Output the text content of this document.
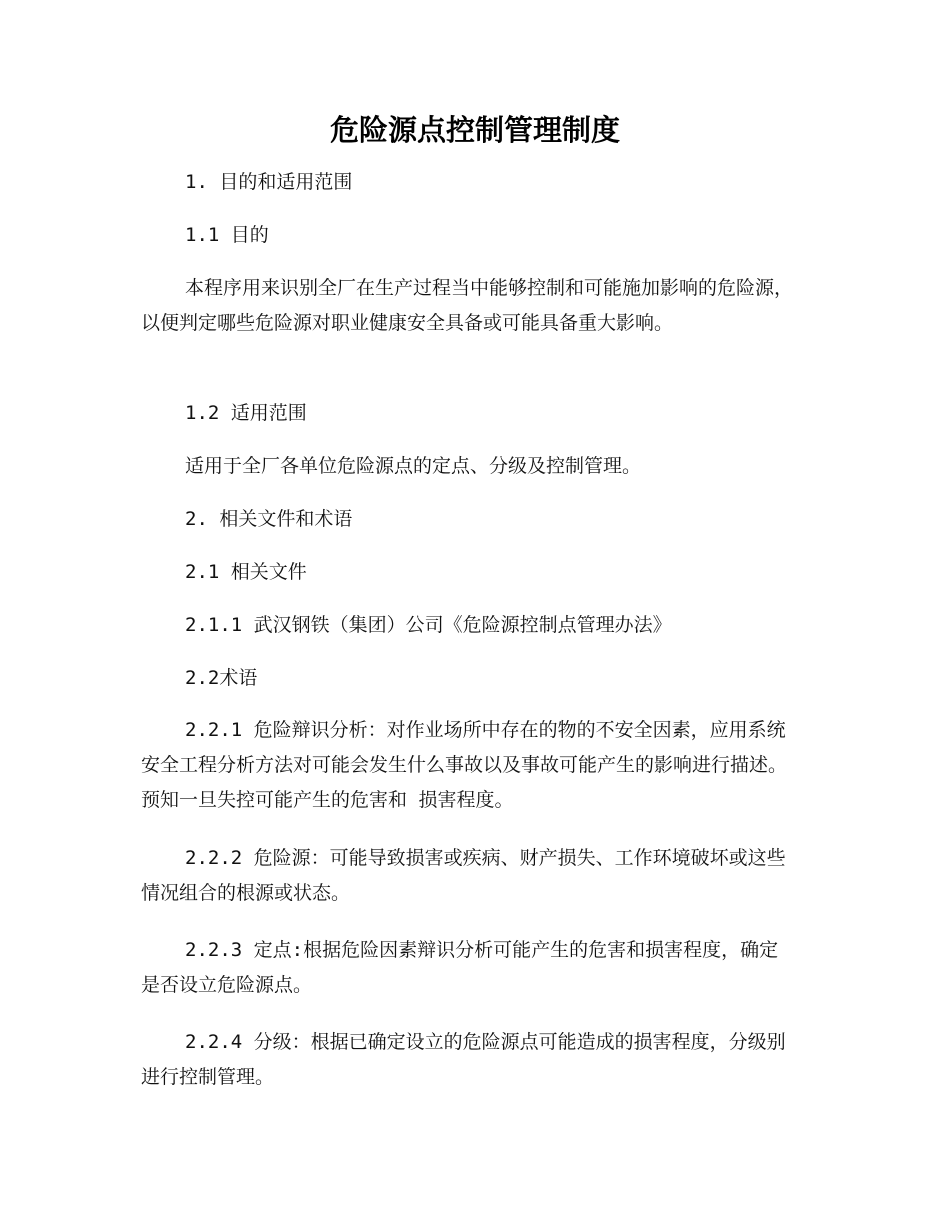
危险源点控制管理制度

1. 目的和适用范围

1.1 目的

本程序用来识别全厂在生产过程当中能够控制和可能施加影响的危险源，以便判定哪些危险源对职业健康安全具备或可能具备重大影响。

1.2 适用范围

适用于全厂各单位危险源点的定点、分级及控制管理。

2. 相关文件和术语

2.1 相关文件

2.1.1 武汉钢铁（集团）公司《危险源控制点管理办法》

2.2术语

2.2.1 危险辩识分析：对作业场所中存在的物的不安全因素，应用系统安全工程分析方法对可能会发生什么事故以及事故可能产生的影响进行描述。预知一旦失控可能产生的危害和 损害程度。

2.2.2 危险源：可能导致损害或疾病、财产损失、工作环境破坏或这些情况组合的根源或状态。

2.2.3 定点:根据危险因素辩识分析可能产生的危害和损害程度，确定是否设立危险源点。

2.2.4 分级：根据已确定设立的危险源点可能造成的损害程度，分级别进行控制管理。
